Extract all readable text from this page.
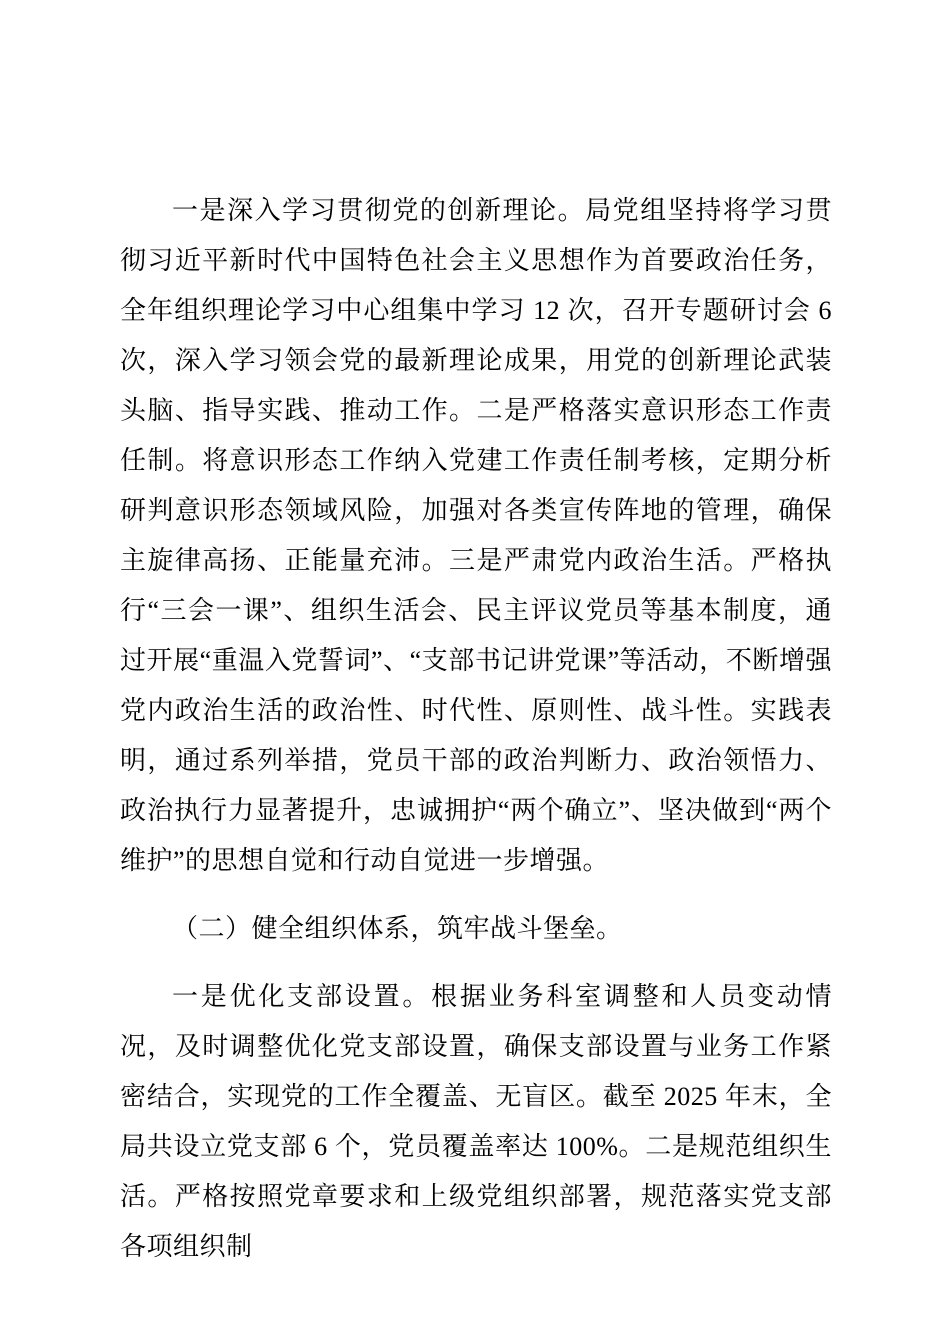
一是深入学习贯彻党的创新理论。局党组坚持将学习贯彻习近平新时代中国特色社会主义思想作为首要政治任务，全年组织理论学习中心组集中学习 12 次，召开专题研讨会 6 次，深入学习领会党的最新理论成果，用党的创新理论武装头脑、指导实践、推动工作。二是严格落实意识形态工作责任制。将意识形态工作纳入党建工作责任制考核，定期分析研判意识形态领域风险，加强对各类宣传阵地的管理，确保主旋律高扬、正能量充沛。三是严肃党内政治生活。严格执行“三会一课”、组织生活会、民主评议党员等基本制度，通过开展“重温入党誓词”、“支部书记讲党课”等活动，不断增强党内政治生活的政治性、时代性、原则性、战斗性。实践表明，通过系列举措，党员干部的政治判断力、政治领悟力、政治执行力显著提升，忠诚拥护“两个确立”、坚决做到“两个维护”的思想自觉和行动自觉进一步增强。

（二）健全组织体系，筑牢战斗堡垒。

一是优化支部设置。根据业务科室调整和人员变动情况，及时调整优化党支部设置，确保支部设置与业务工作紧密结合，实现党的工作全覆盖、无盲区。截至 2025 年末，全局共设立党支部 6 个，党员覆盖率达 100%。二是规范组织生活。严格按照党章要求和上级党组织部署，规范落实党支部各项组织制
